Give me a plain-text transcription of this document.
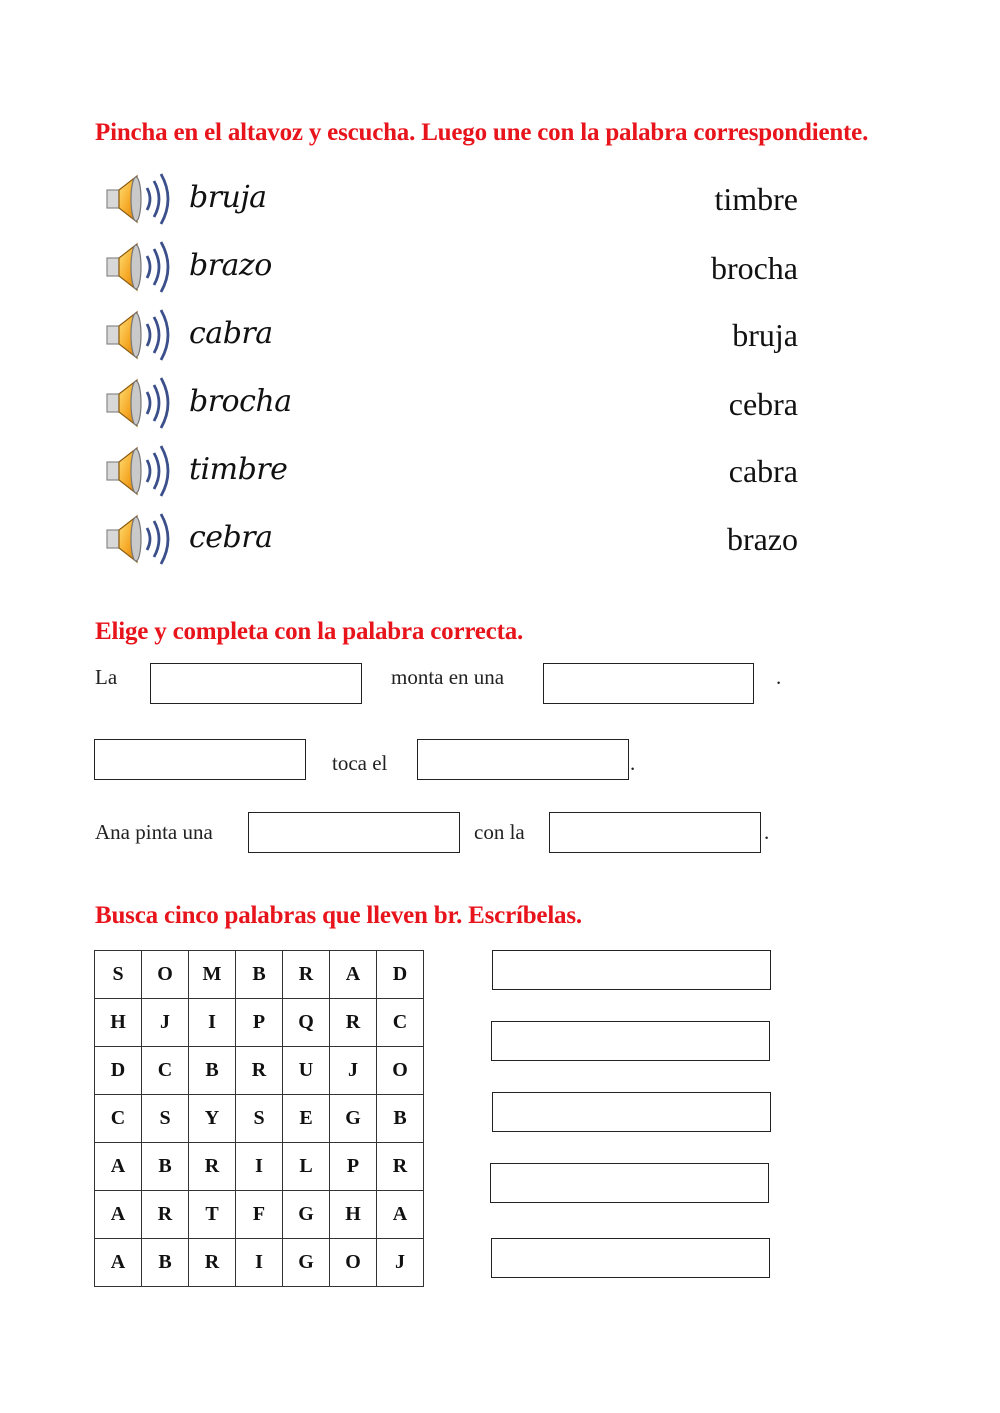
Pincha en el altavoz y escucha. Luego une con la palabra correspondiente.
bruja
brazo
cabra
brocha
timbre
cebra
timbre
brocha
bruja
cebra
cabra
brazo
Elige y completa con la palabra correcta.
La	monta en una	.
toca el	.
Ana pinta una	con la	.
Busca cinco palabras que lleven br. Escríbelas.
S	O	M	B	R	A	D
H	J	I	P	Q	R	C
D	C	B	R	U	J	O
C	S	Y	S	E	G	B
A	B	R	I	L	P	R
A	R	T	F	G	H	A
A	B	R	I	G	O	J
